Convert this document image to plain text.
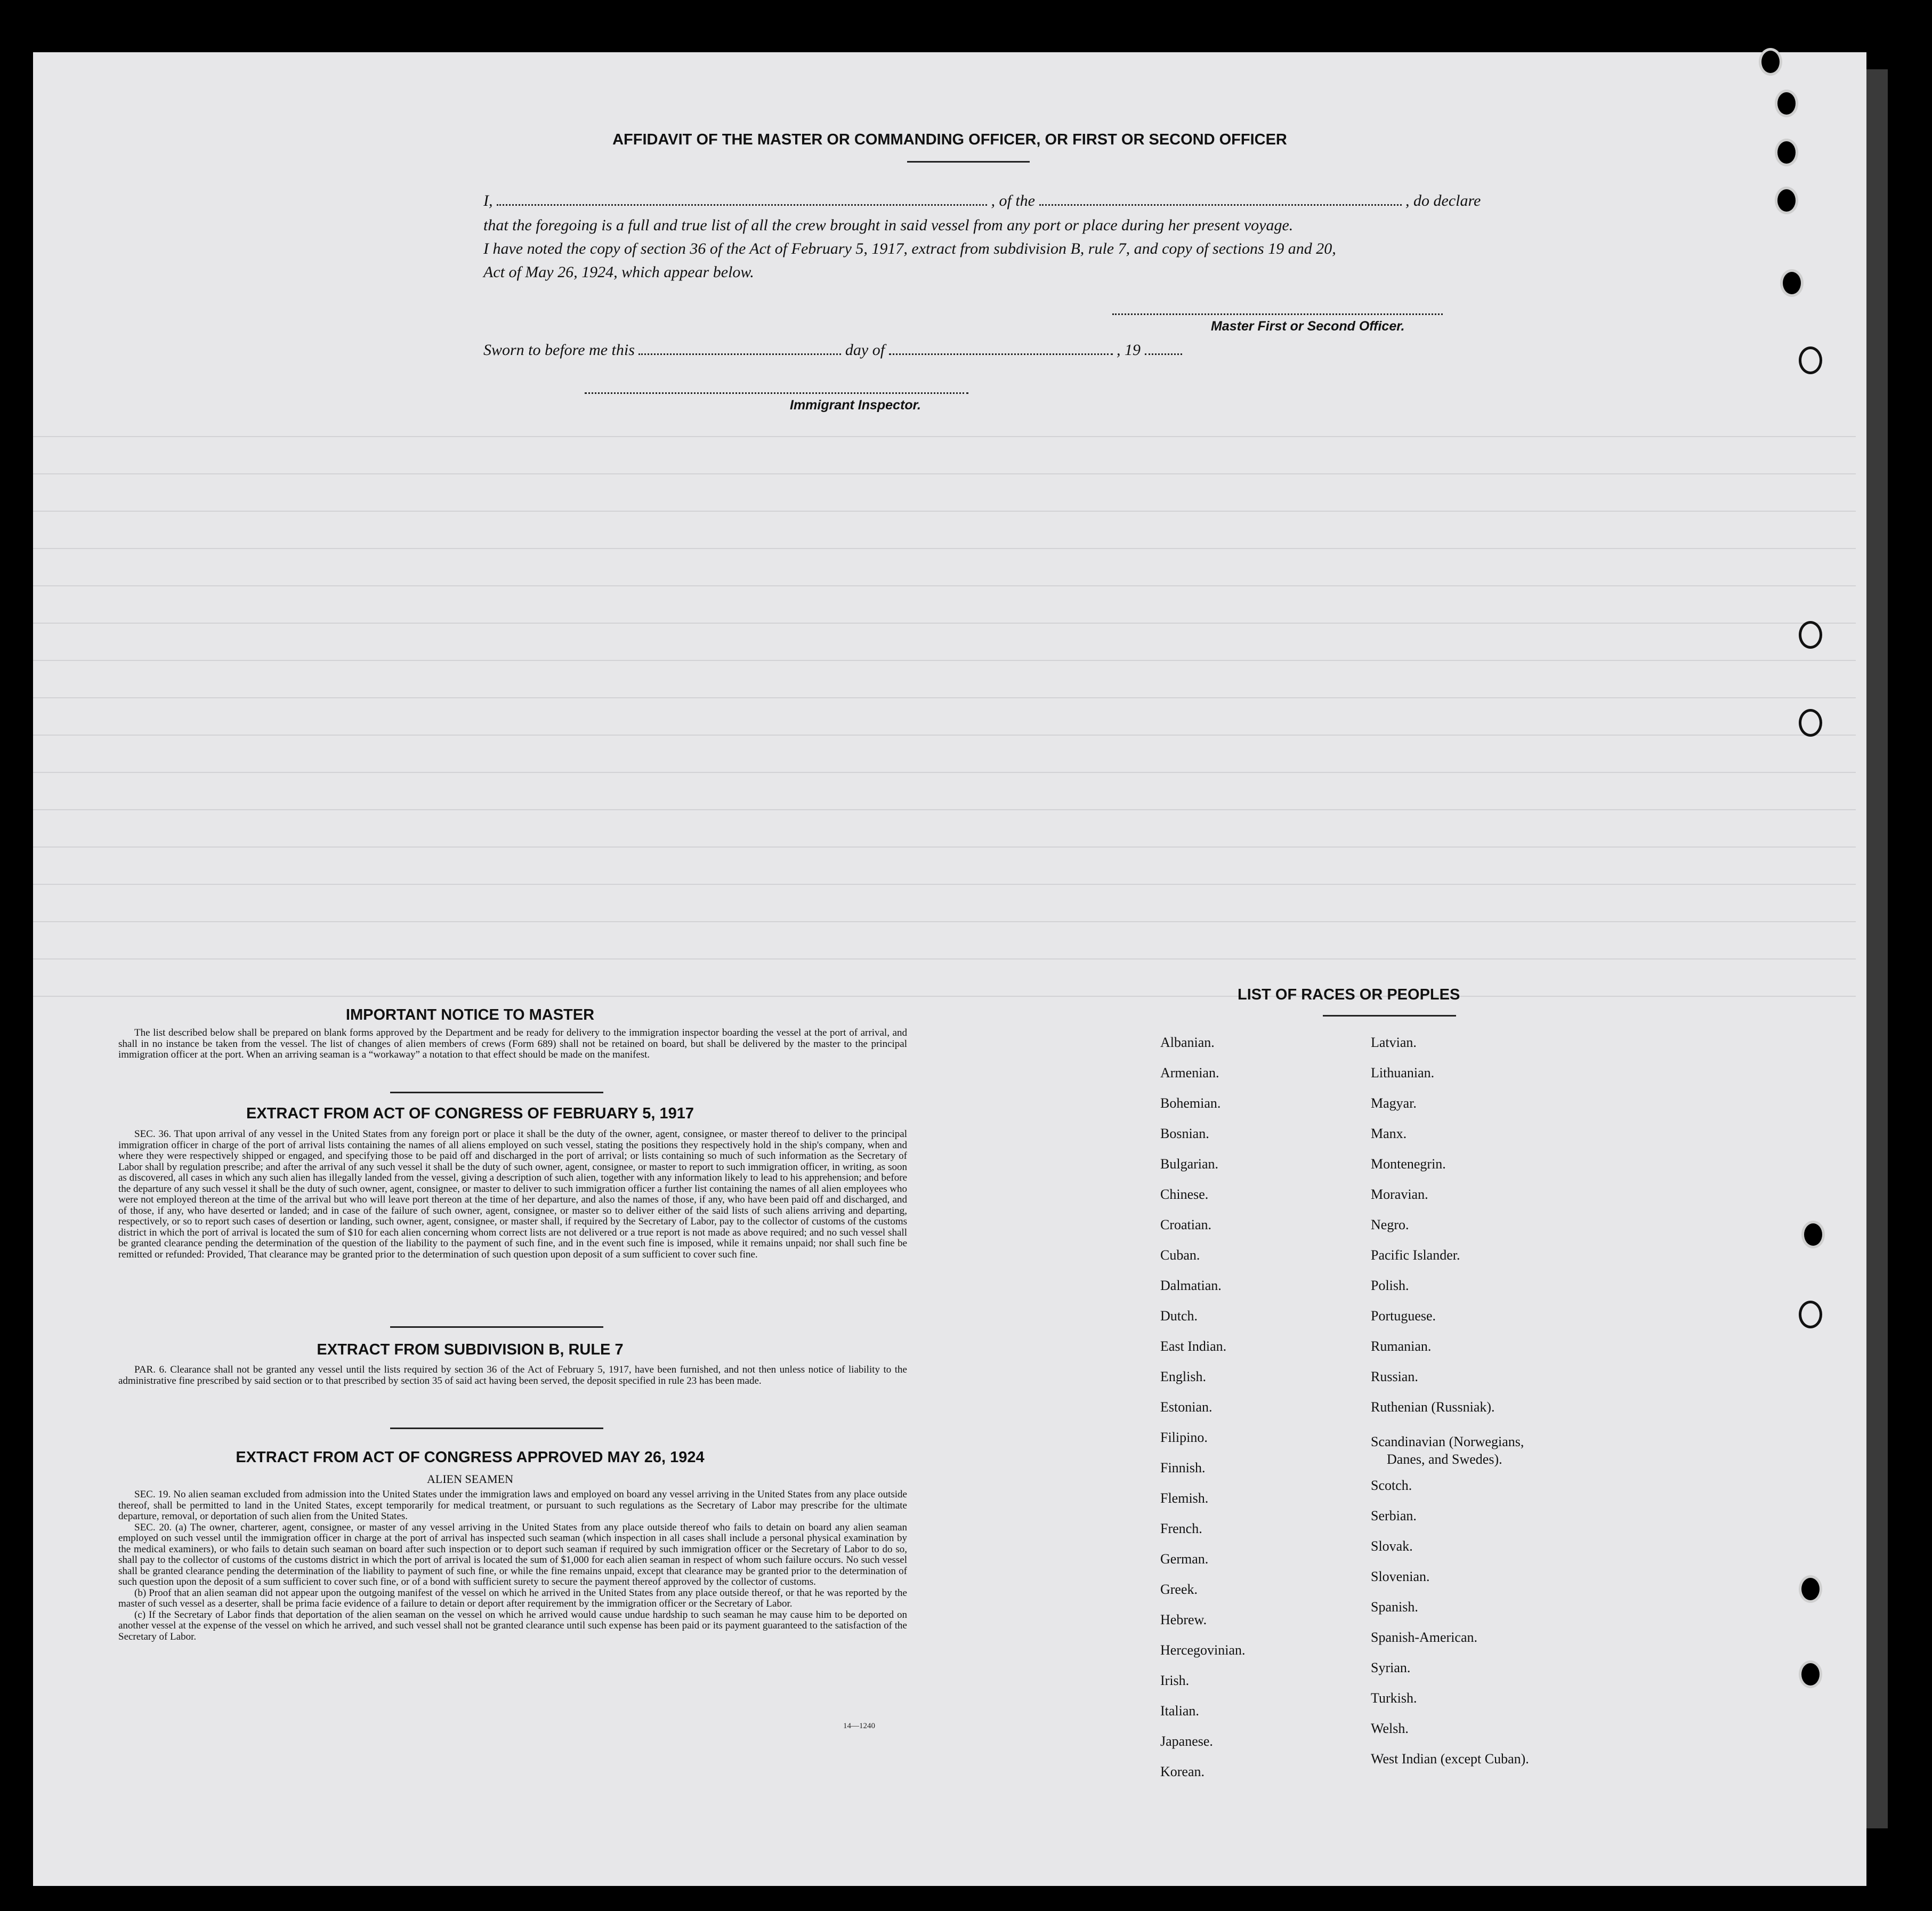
AFFIDAVIT OF THE MASTER OR COMMANDING OFFICER, OR FIRST OR SECOND OFFICER
I,	, of the	, do declare
that the foregoing is a full and true list of all the crew brought in said vessel from any port or place during her present voyage.
I have noted the copy of section 36 of the Act of February 5, 1917, extract from subdivision B, rule 7, and copy of sections 19 and 20,
Act of May 26, 1924, which appear below.
Master First or Second Officer.
Sworn to before me this	day of	, 19
Immigrant Inspector.
IMPORTANT NOTICE TO MASTER

The list described below shall be prepared on blank forms approved by the Department and be ready for delivery to the immigration inspector boarding the vessel at the port of arrival, and shall in no instance be taken from the vessel. The list of changes of alien members of crews (Form 689) shall not be retained on board, but shall be delivered by the master to the principal immigration officer at the port. When an arriving seaman is a “workaway” a notation to that effect should be made on the manifest.

EXTRACT FROM ACT OF CONGRESS OF FEBRUARY 5, 1917

SEC. 36. That upon arrival of any vessel in the United States from any foreign port or place it shall be the duty of the owner, agent, consignee, or master thereof to deliver to the principal immigration officer in charge of the port of arrival lists containing the names of all aliens employed on such vessel, stating the positions they respectively hold in the ship's company, when and where they were respectively shipped or engaged, and specifying those to be paid off and discharged in the port of arrival; or lists containing so much of such information as the Secretary of Labor shall by regulation prescribe; and after the arrival of any such vessel it shall be the duty of such owner, agent, consignee, or master to report to such immigration officer, in writing, as soon as discovered, all cases in which any such alien has illegally landed from the vessel, giving a description of such alien, together with any information likely to lead to his apprehension; and before the departure of any such vessel it shall be the duty of such owner, agent, consignee, or master to deliver to such immigration officer a further list containing the names of all alien employees who were not employed thereon at the time of the arrival but who will leave port thereon at the time of her departure, and also the names of those, if any, who have been paid off and discharged, and of those, if any, who have deserted or landed; and in case of the failure of such owner, agent, consignee, or master so to deliver either of the said lists of such aliens arriving and departing, respectively, or so to report such cases of desertion or landing, such owner, agent, consignee, or master shall, if required by the Secretary of Labor, pay to the collector of customs of the customs district in which the port of arrival is located the sum of $10 for each alien concerning whom correct lists are not delivered or a true report is not made as above required; and no such vessel shall be granted clearance pending the determination of the question of the liability to the payment of such fine, and in the event such fine is imposed, while it remains unpaid; nor shall such fine be remitted or refunded: Provided, That clearance may be granted prior to the determination of such question upon deposit of a sum sufficient to cover such fine.

EXTRACT FROM SUBDIVISION B, RULE 7

PAR. 6. Clearance shall not be granted any vessel until the lists required by section 36 of the Act of February 5, 1917, have been furnished, and not then unless notice of liability to the administrative fine prescribed by said section or to that prescribed by section 35 of said act having been served, the deposit specified in rule 23 has been made.

EXTRACT FROM ACT OF CONGRESS APPROVED MAY 26, 1924
ALIEN SEAMEN

SEC. 19. No alien seaman excluded from admission into the United States under the immigration laws and employed on board any vessel arriving in the United States from any place outside thereof, shall be permitted to land in the United States, except temporarily for medical treatment, or pursuant to such regulations as the Secretary of Labor may prescribe for the ultimate departure, removal, or deportation of such alien from the United States.

SEC. 20. (a) The owner, charterer, agent, consignee, or master of any vessel arriving in the United States from any place outside thereof who fails to detain on board any alien seaman employed on such vessel until the immigration officer in charge at the port of arrival has inspected such seaman (which inspection in all cases shall include a personal physical examination by the medical examiners), or who fails to detain such seaman on board after such inspection or to deport such seaman if required by such immigration officer or the Secretary of Labor to do so, shall pay to the collector of customs of the customs district in which the port of arrival is located the sum of $1,000 for each alien seaman in respect of whom such failure occurs. No such vessel shall be granted clearance pending the determination of the liability to payment of such fine, or while the fine remains unpaid, except that clearance may be granted prior to the determination of such question upon the deposit of a sum sufficient to cover such fine, or of a bond with sufficient surety to secure the payment thereof approved by the collector of customs.

(b) Proof that an alien seaman did not appear upon the outgoing manifest of the vessel on which he arrived in the United States from any place outside thereof, or that he was reported by the master of such vessel as a deserter, shall be prima facie evidence of a failure to detain or deport after requirement by the immigration officer or the Secretary of Labor.

(c) If the Secretary of Labor finds that deportation of the alien seaman on the vessel on which he arrived would cause undue hardship to such seaman he may cause him to be deported on another vessel at the expense of the vessel on which he arrived, and such vessel shall not be granted clearance until such expense has been paid or its payment guaranteed to the satisfaction of the Secretary of Labor.

14—1240
LIST OF RACES OR PEOPLES
Albanian.
Armenian.
Bohemian.
Bosnian.
Bulgarian.
Chinese.
Croatian.
Cuban.
Dalmatian.
Dutch.
East Indian.
English.
Estonian.
Filipino.
Finnish.
Flemish.
French.
German.
Greek.
Hebrew.
Hercegovinian.
Irish.
Italian.
Japanese.
Korean.
Latvian.
Lithuanian.
Magyar.
Manx.
Montenegrin.
Moravian.
Negro.
Pacific Islander.
Polish.
Portuguese.
Rumanian.
Russian.
Ruthenian (Russniak).
Scandinavian (Norwegians,
Danes, and Swedes).
Scotch.
Serbian.
Slovak.
Slovenian.
Spanish.
Spanish-American.
Syrian.
Turkish.
Welsh.
West Indian (except Cuban).
